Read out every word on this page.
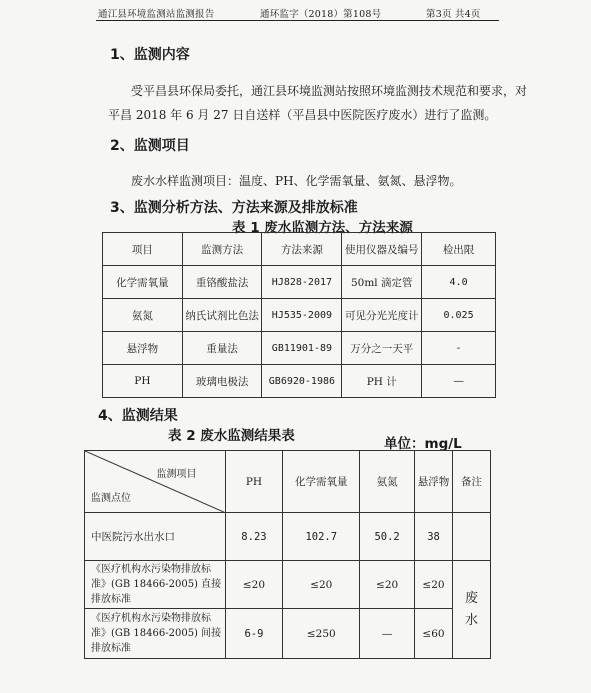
通江县环境监测站监测报告	通环监字（2018）第108号	第3页 共4页
1、监测内容

受平昌县环保局委托，通江县环境监测站按照环境监测技术规范和要求，对

平昌 2018 年 6 月 27 日自送样（平昌县中医院医疗废水）进行了监测。

2、监测项目

废水水样监测项目：温度、PH、化学需氧量、氨氮、悬浮物。

3、监测分析方法、方法来源及排放标准

表 1 废水监测方法、方法来源

项目	监测方法	方法来源	使用仪器及编号	检出限
化学需氧量	重铬酸盐法	HJ828-2017	50ml 滴定管	4.0
氨氮	纳氏试剂比色法	HJ535-2009	可见分光光度计	0.025
悬浮物	重量法	GB11901-89	万分之一天平	-
PH	玻璃电极法	GB6920-1986	PH 计	—
4、监测结果

表 2 废水监测结果表	单位：mg/L

监测项目
监测点位	PH	化学需氧量	氨氮	悬浮物	备注
中医院污水出水口	8.23	102.7	50.2	38	
《医疗机构水污染物排放标准》(GB 18466-2005) 直接排放标准	≤20	≤20	≤20	≤20	废水
《医疗机构水污染物排放标准》(GB 18466-2005) 间接排放标准	6-9	≤250	—	≤60	
